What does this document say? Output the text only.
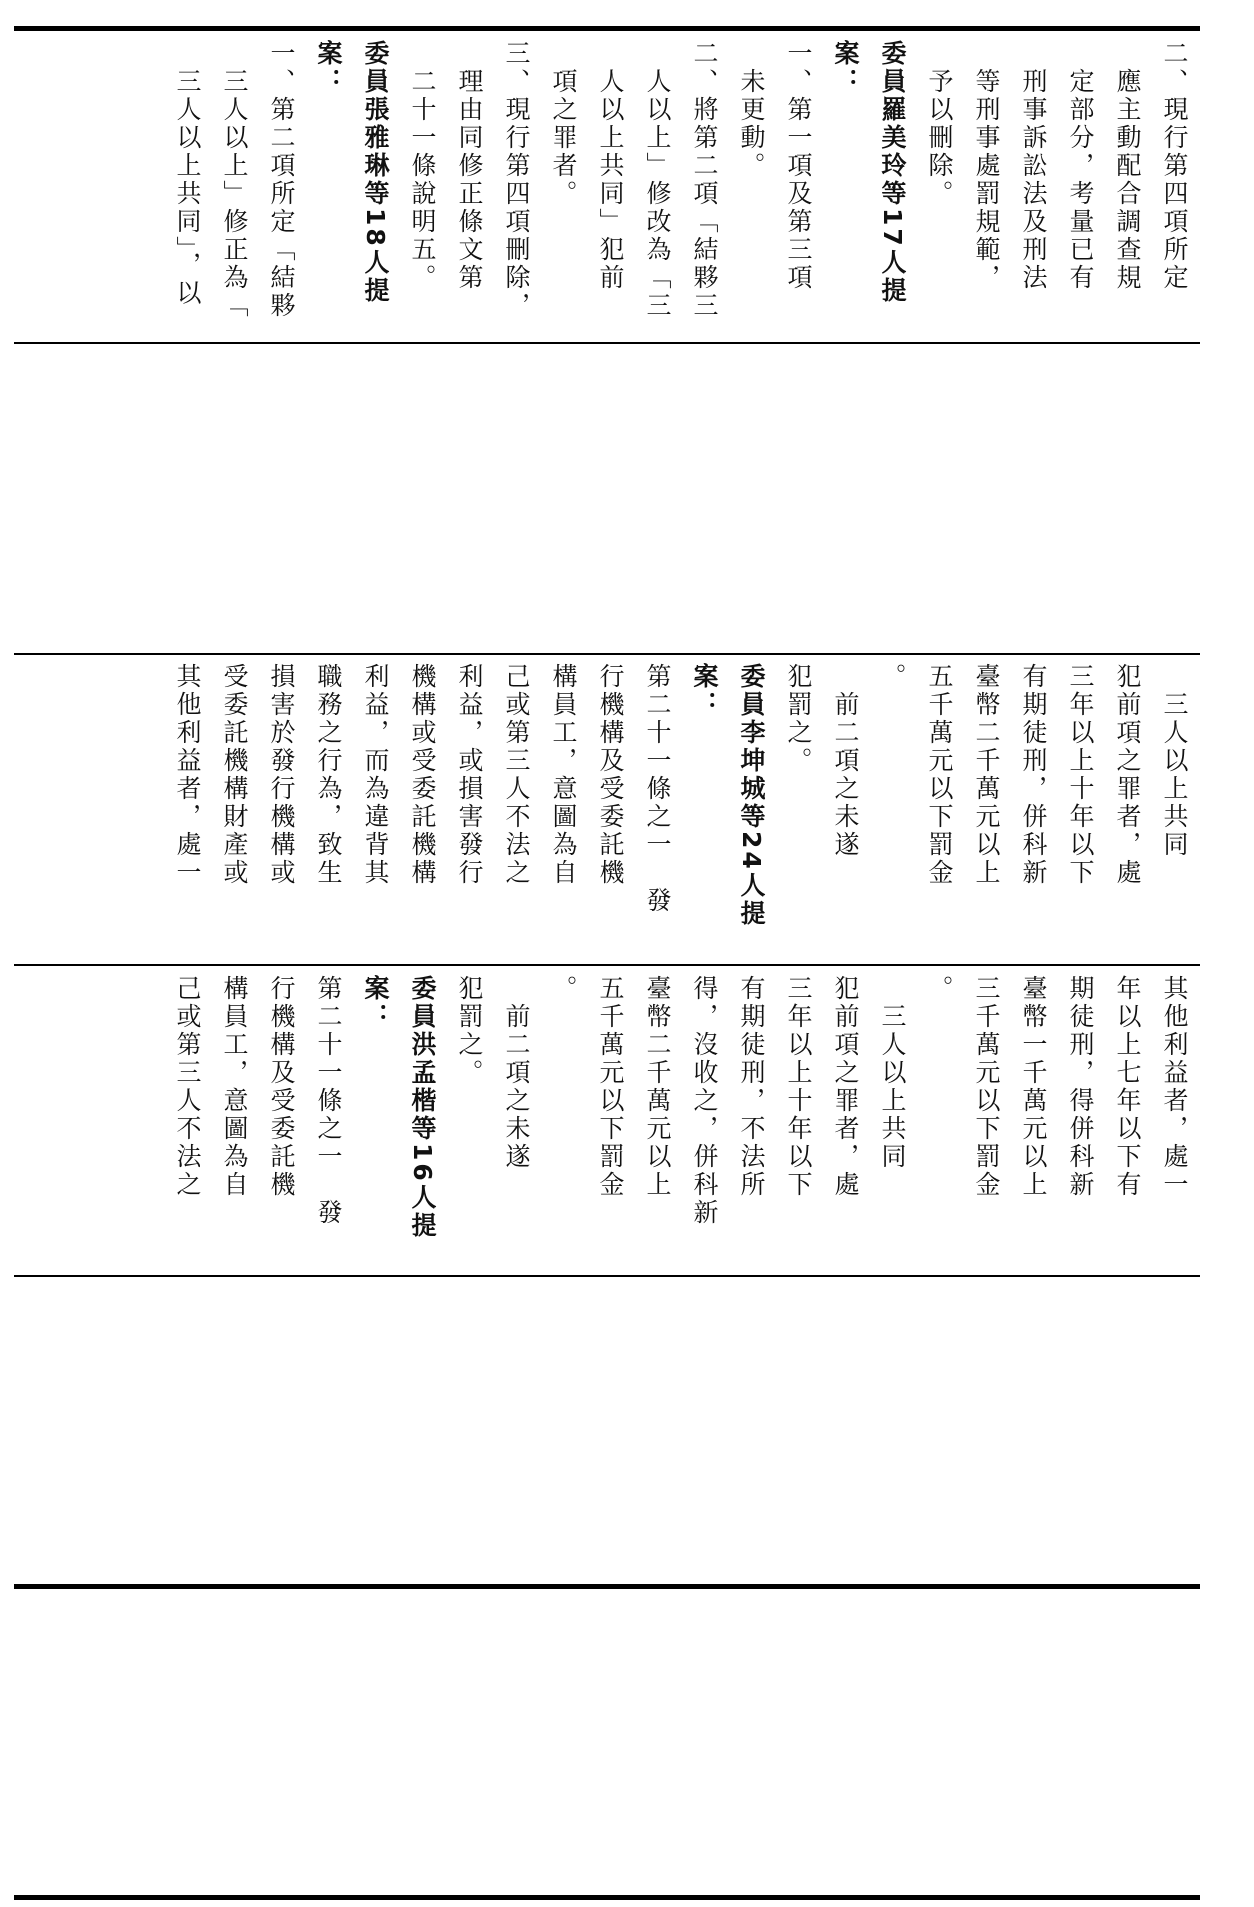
二、現行第四項所定

　應主動配合調查規

　定部分，考量已有

　刑事訴訟法及刑法

　等刑事處罰規範，

　予以刪除。

委員羅美玲等17人提

案：

一、第一項及第三項

　未更動。

二、將第二項「結夥三

　人以上」修改為「三

　人以上共同」犯前

　項之罪者。

三、現行第四項刪除，

　理由同修正條文第

　二十一條說明五。

委員張雅琳等18人提

案：

一、第二項所定「結夥

　三人以上」修正為「

　三人以上共同」，以

　三人以上共同

犯前項之罪者，處

三年以上十年以下

有期徒刑，併科新

臺幣二千萬元以上

五千萬元以下罰金

。

　前二項之未遂

犯罰之。

委員李坤城等24人提

案：

第二十一條之一　發

行機構及受委託機

構員工，意圖為自

己或第三人不法之

利益，或損害發行

機構或受委託機構

利益，而為違背其

職務之行為，致生

損害於發行機構或

受委託機構財產或

其他利益者，處一

其他利益者，處一

年以上七年以下有

期徒刑，得併科新

臺幣一千萬元以上

三千萬元以下罰金

。

　三人以上共同

犯前項之罪者，處

三年以上十年以下

有期徒刑，不法所

得，沒收之，併科新

臺幣二千萬元以上

五千萬元以下罰金

。

　前二項之未遂

犯罰之。

委員洪孟楷等16人提

案：

第二十一條之一　發

行機構及受委託機

構員工，意圖為自

己或第三人不法之
